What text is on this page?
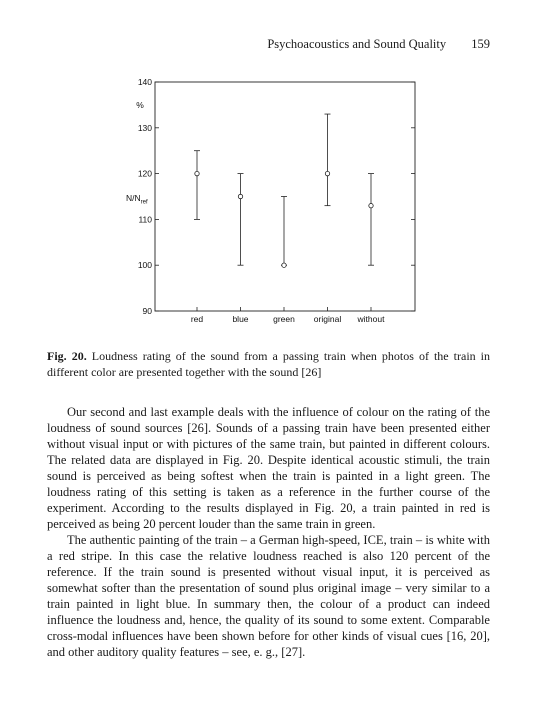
Psychoacoustics and Sound Quality 159
90
100
110
120
130
140
%
$N/N_{ref}$
red	blue	green original without
Fig. 20. Loudness rating of the sound from a passing train when photos of the train in different color are presented together with the sound [26]

Our second and last example deals with the influence of colour on the rating of the loudness of sound sources [26]. Sounds of a passing train have been presented either without visual input or with pictures of the same train, but painted in different colours. The related data are displayed in Fig. 20. Despite identical acoustic stimuli, the train sound is perceived as being softest when the train is painted in a light green. The loudness rating of this setting is taken as a reference in the further course of the experiment. According to the results displayed in Fig. 20, a train painted in red is perceived as being 20 percent louder than the same train in green.

The authentic painting of the train – a German high-speed, ICE, train – is white with a red stripe. In this case the relative loudness reached is also 120 percent of the reference. If the train sound is presented without visual input, it is perceived as somewhat softer than the presentation of sound plus original image – very similar to a train painted in light blue. In summary then, the colour of a product can indeed influence the loudness and, hence, the quality of its sound to some extent. Comparable cross-modal influences have been shown before for other kinds of visual cues [16, 20], and other auditory quality features – see, e. g., [27].
